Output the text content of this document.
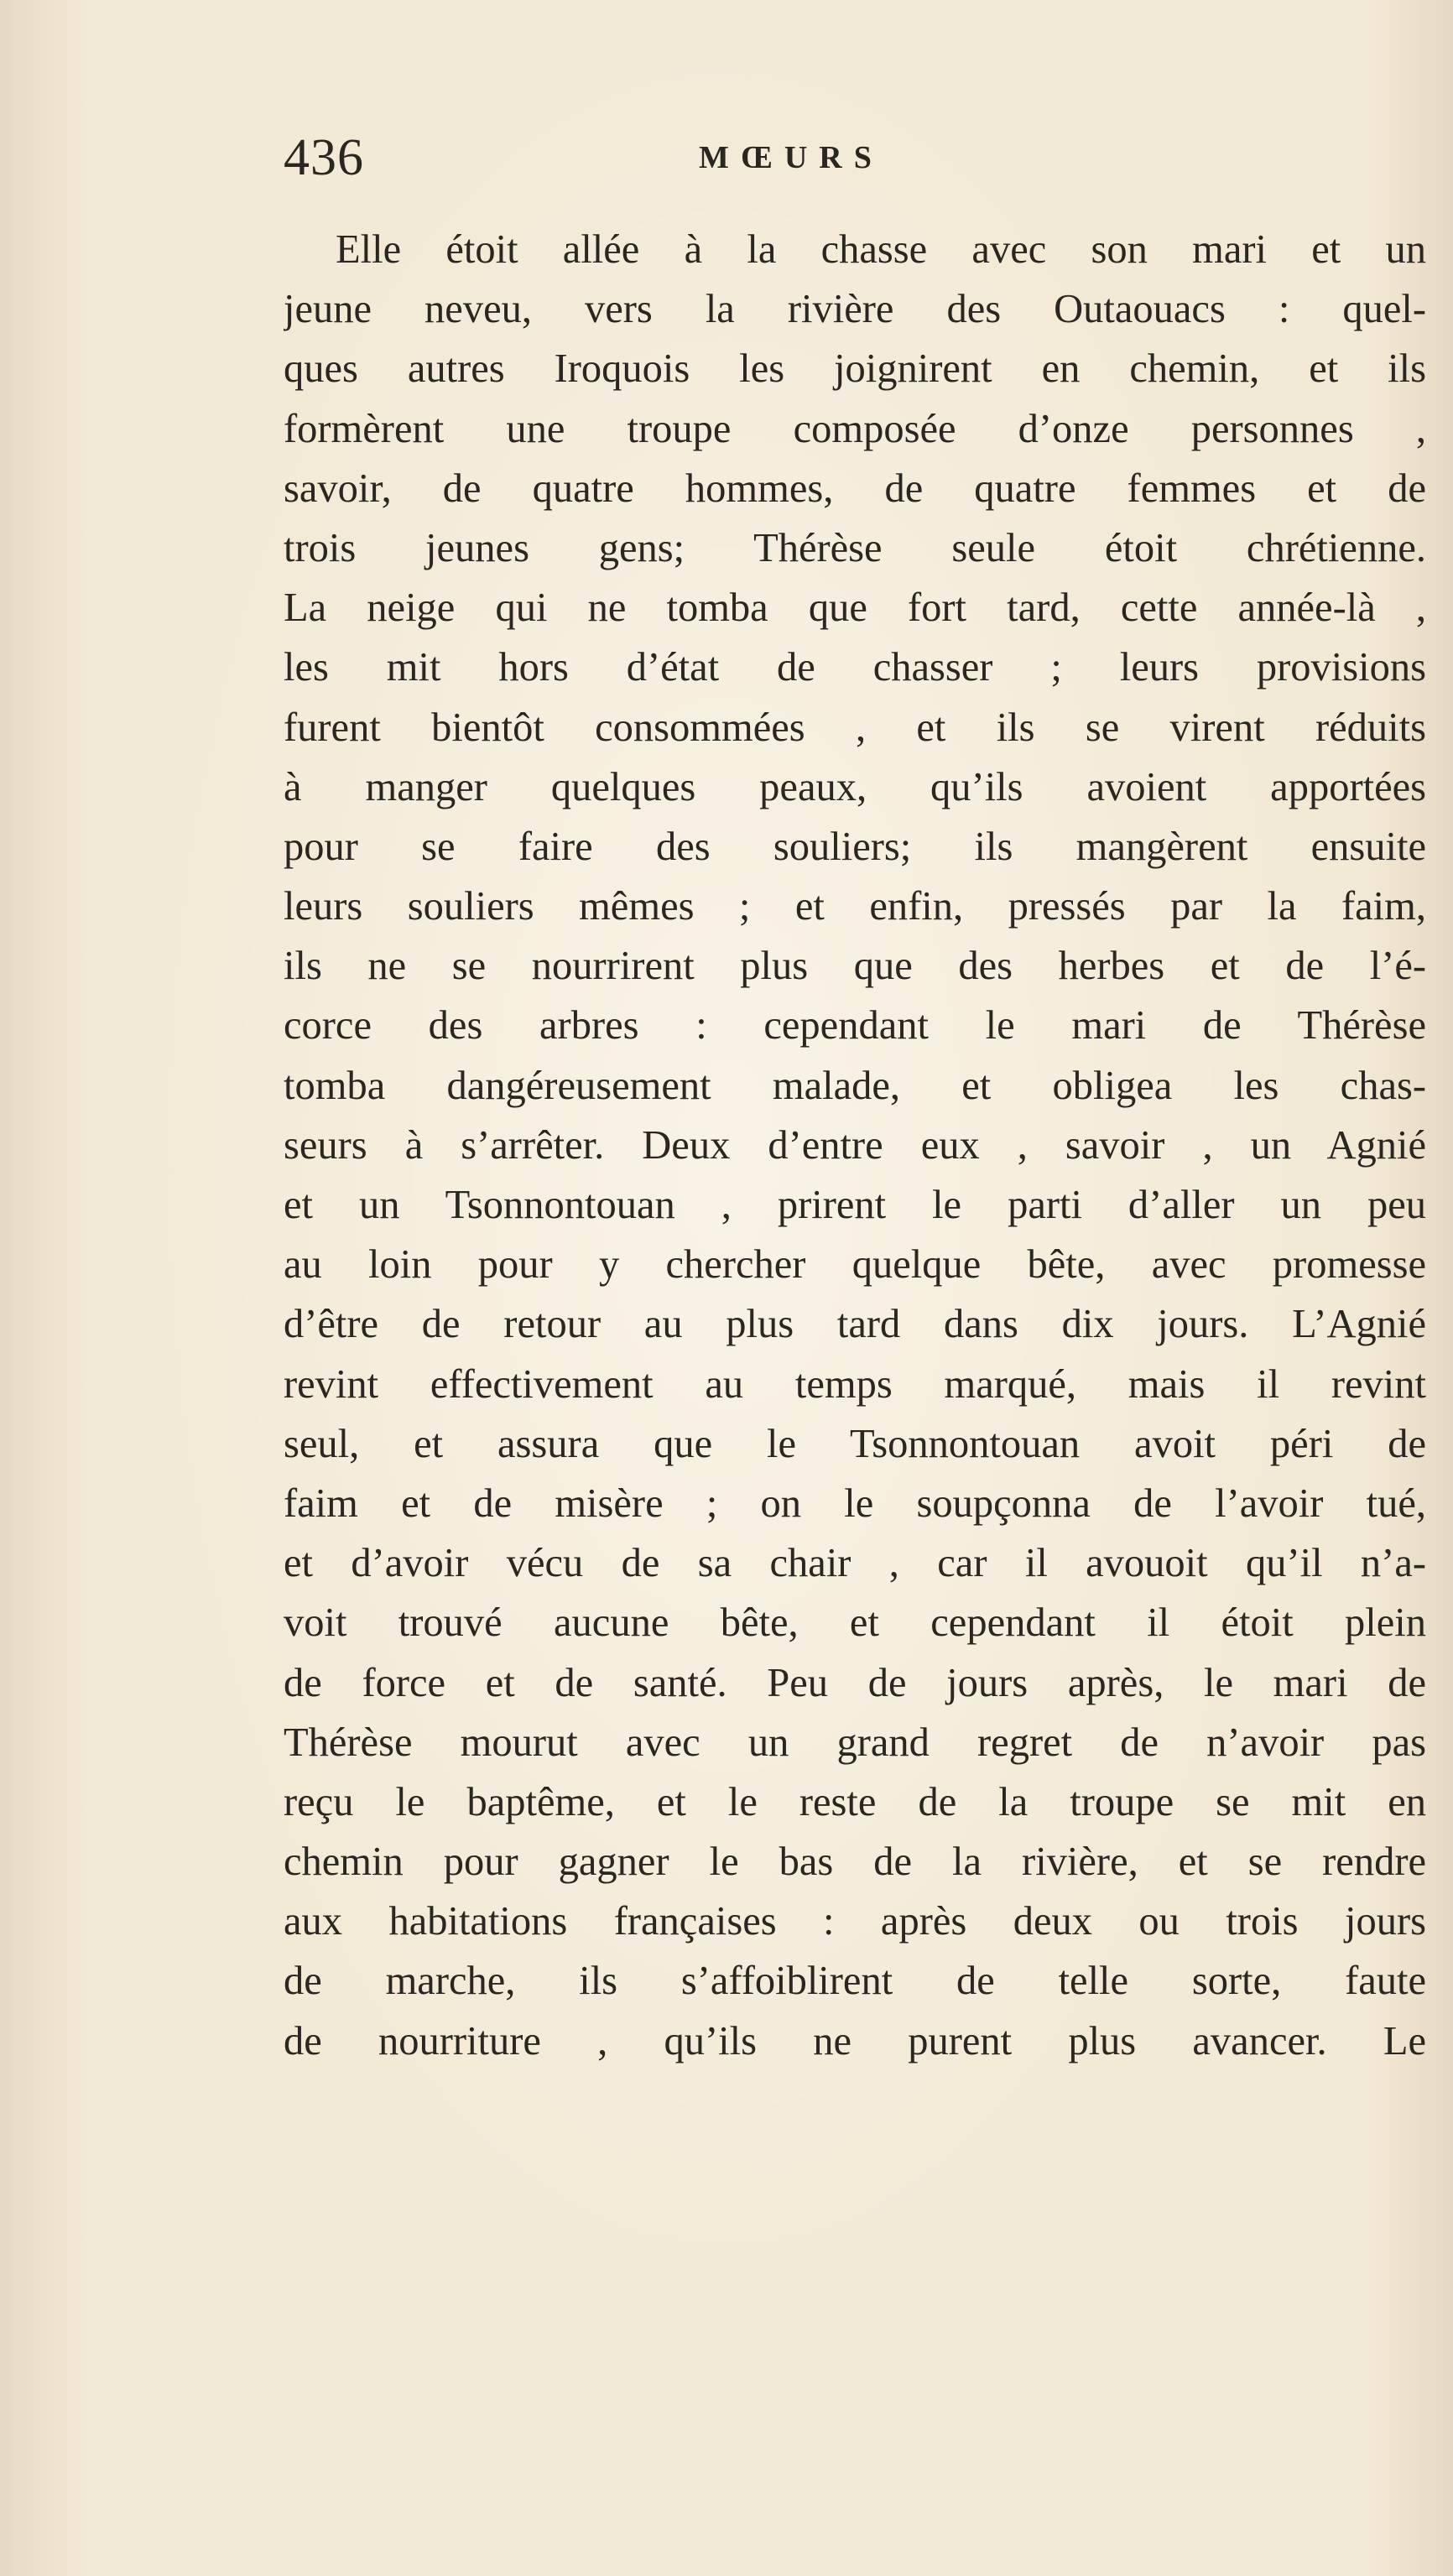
436	MŒURS
Elle étoit allée à la chasse avec son mari et un
jeune neveu, vers la rivière des Outaouacs : quel-
ques autres Iroquois les joignirent en chemin, et ils
formèrent une troupe composée d’onze personnes ,
savoir, de quatre hommes, de quatre femmes et de
trois jeunes gens; Thérèse seule étoit chrétienne.
La neige qui ne tomba que fort tard, cette année-là ,
les mit hors d’état de chasser ; leurs provisions
furent bientôt consommées , et ils se virent réduits
à manger quelques peaux, qu’ils avoient apportées
pour se faire des souliers; ils mangèrent ensuite
leurs souliers mêmes ; et enfin, pressés par la faim,
ils ne se nourrirent plus que des herbes et de l’é-
corce des arbres : cependant le mari de Thérèse
tomba dangéreusement malade, et obligea les chas-
seurs à s’arrêter. Deux d’entre eux , savoir , un Agnié
et un Tsonnontouan , prirent le parti d’aller un peu
au loin pour y chercher quelque bête, avec promesse
d’être de retour au plus tard dans dix jours. L’Agnié
revint effectivement au temps marqué, mais il revint
seul, et assura que le Tsonnontouan avoit péri de
faim et de misère ; on le soupçonna de l’avoir tué,
et d’avoir vécu de sa chair , car il avouoit qu’il n’a-
voit trouvé aucune bête, et cependant il étoit plein
de force et de santé. Peu de jours après, le mari de
Thérèse mourut avec un grand regret de n’avoir pas
reçu le baptême, et le reste de la troupe se mit en
chemin pour gagner le bas de la rivière, et se rendre
aux habitations françaises : après deux ou trois jours
de marche, ils s’affoiblirent de telle sorte, faute
de nourriture , qu’ils ne purent plus avancer. Le
